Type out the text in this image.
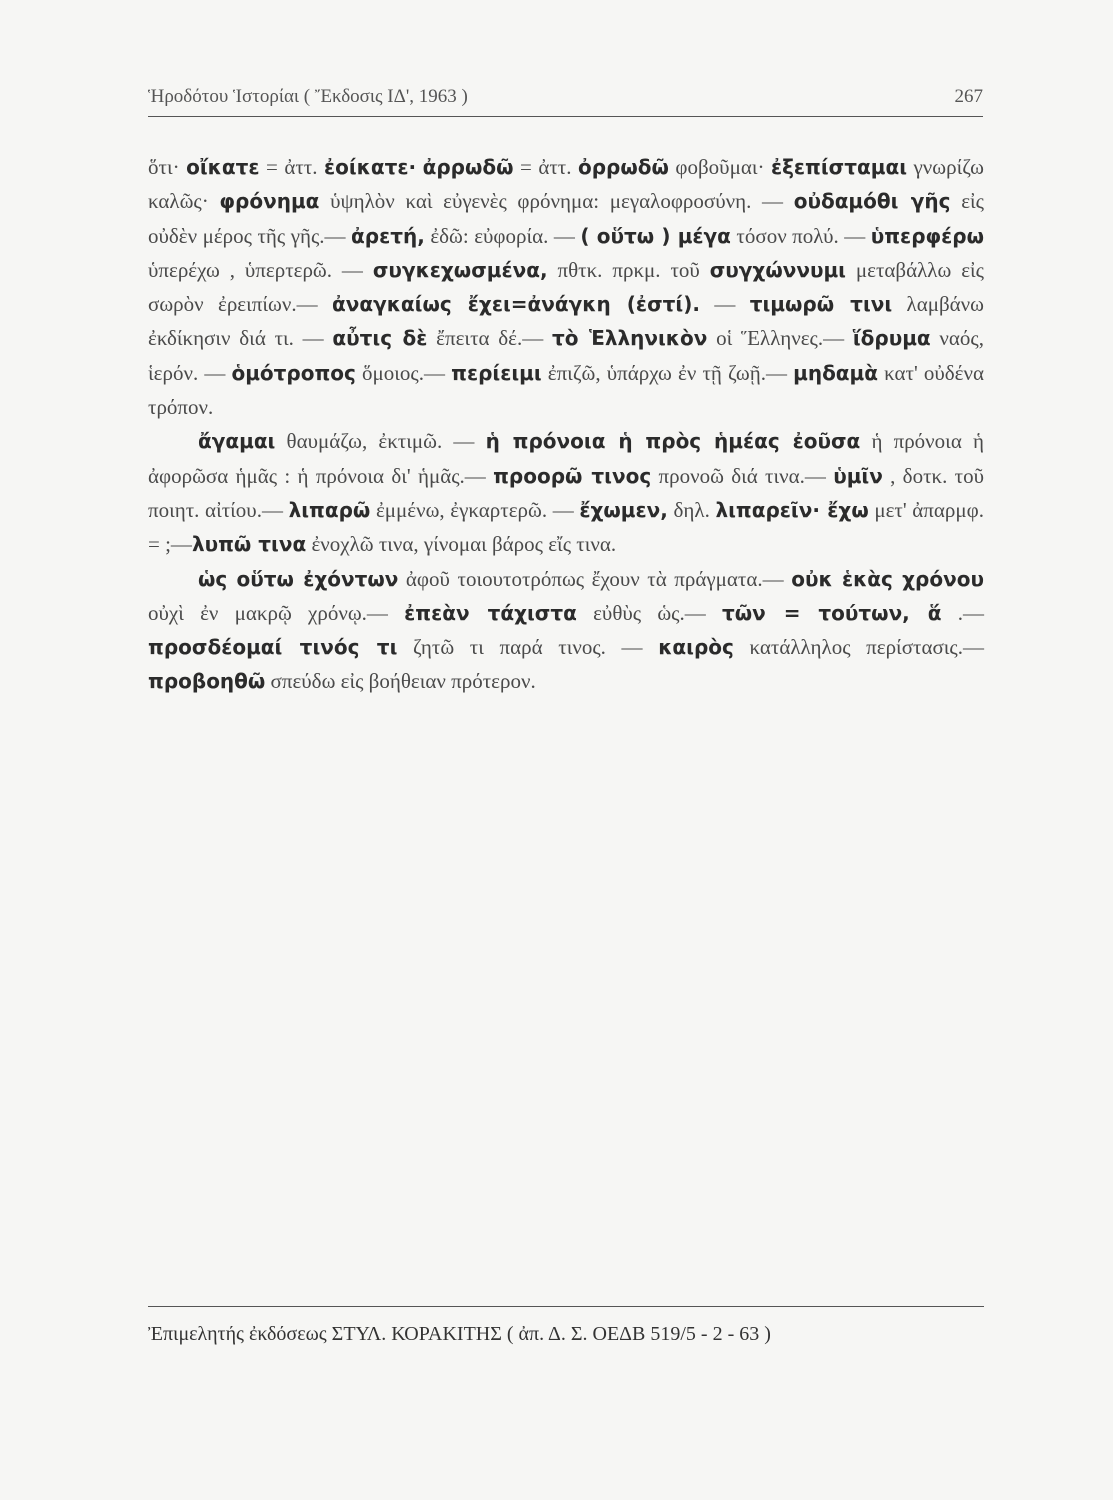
Ἡροδότου Ἱστορίαι ( Ἔκδοσις ΙΔ', 1963 )	267

ὅτι· οἴκατε = ἀττ. ἐοίκατε· ἀρρωδῶ = ἀττ. ὀρρωδῶ φοβοῦμαι· ἐξεπίσταμαι γνωρίζω καλῶς· φρόνημα ὑψηλὸν καὶ εὐγενὲς φρόνημα: μεγαλοφροσύνη. — οὐδαμόθι γῆς εἰς οὐδὲν μέρος τῆς γῆς.— ἀρετή, ἐδῶ: εὐφορία. — ( οὕτω ) μέγα τόσον πολύ. — ὑπερφέρω ὑπερέχω , ὑπερτερῶ. — συγκεχωσμένα, πθτκ. πρκμ. τοῦ συγχώννυμι μεταβάλλω εἰς σωρὸν ἐρειπίων.— ἀναγκαίως ἔχει=ἀνάγκη (ἐστί). — τιμωρῶ τινι λαμβάνω ἐκδίκησιν διά τι. — αὖτις δὲ ἔπειτα δέ.— τὸ Ἑλληνικὸν οἱ Ἕλληνες.— ἵδρυμα ναός, ἱερόν. — ὁμότροπος ὅμοιος.— περίειμι ἐπιζῶ, ὑπάρχω ἐν τῇ ζωῇ.— μηδαμὰ κατ' οὐδένα τρόπον.

ἄγαμαι θαυμάζω, ἐκτιμῶ. — ἡ πρόνοια ἡ πρὸς ἡμέας ἐοῦσα ἡ πρόνοια ἡ ἀφορῶσα ἡμᾶς : ἡ πρόνοια δι' ἡμᾶς.— προορῶ τινος προνοῶ διά τινα.— ὑμῖν , δοτκ. τοῦ ποιητ. αἰτίου.— λιπαρῶ ἐμμένω, ἐγκαρτερῶ. — ἔχωμεν, δηλ. λιπαρεῖν· ἔχω μετ' ἀπαρμφ. = ;—λυπῶ τινα ἐνοχλῶ τινα, γίνομαι βάρος εἴς τινα.

ὡς οὕτω ἐχόντων ἀφοῦ τοιουτοτρόπως ἔχουν τὰ πράγματα.— οὐκ ἑκὰς χρόνου οὐχὶ ἐν μακρῷ χρόνῳ.— ἐπεὰν τάχιστα εὐθὺς ὡς.— τῶν = τούτων, ἅ .—προσδέομαί τινός τι ζητῶ τι παρά τινος. — καιρὸς κατάλληλος περίστασις.— προβοηθῶ σπεύδω εἰς βοήθειαν πρότερον.

Ἐπιμελητής ἐκδόσεως ΣΤΥΛ. ΚΟΡΑΚΙΤΗΣ ( ἀπ. Δ. Σ. ΟΕΔΒ 519/5 - 2 - 63 )
